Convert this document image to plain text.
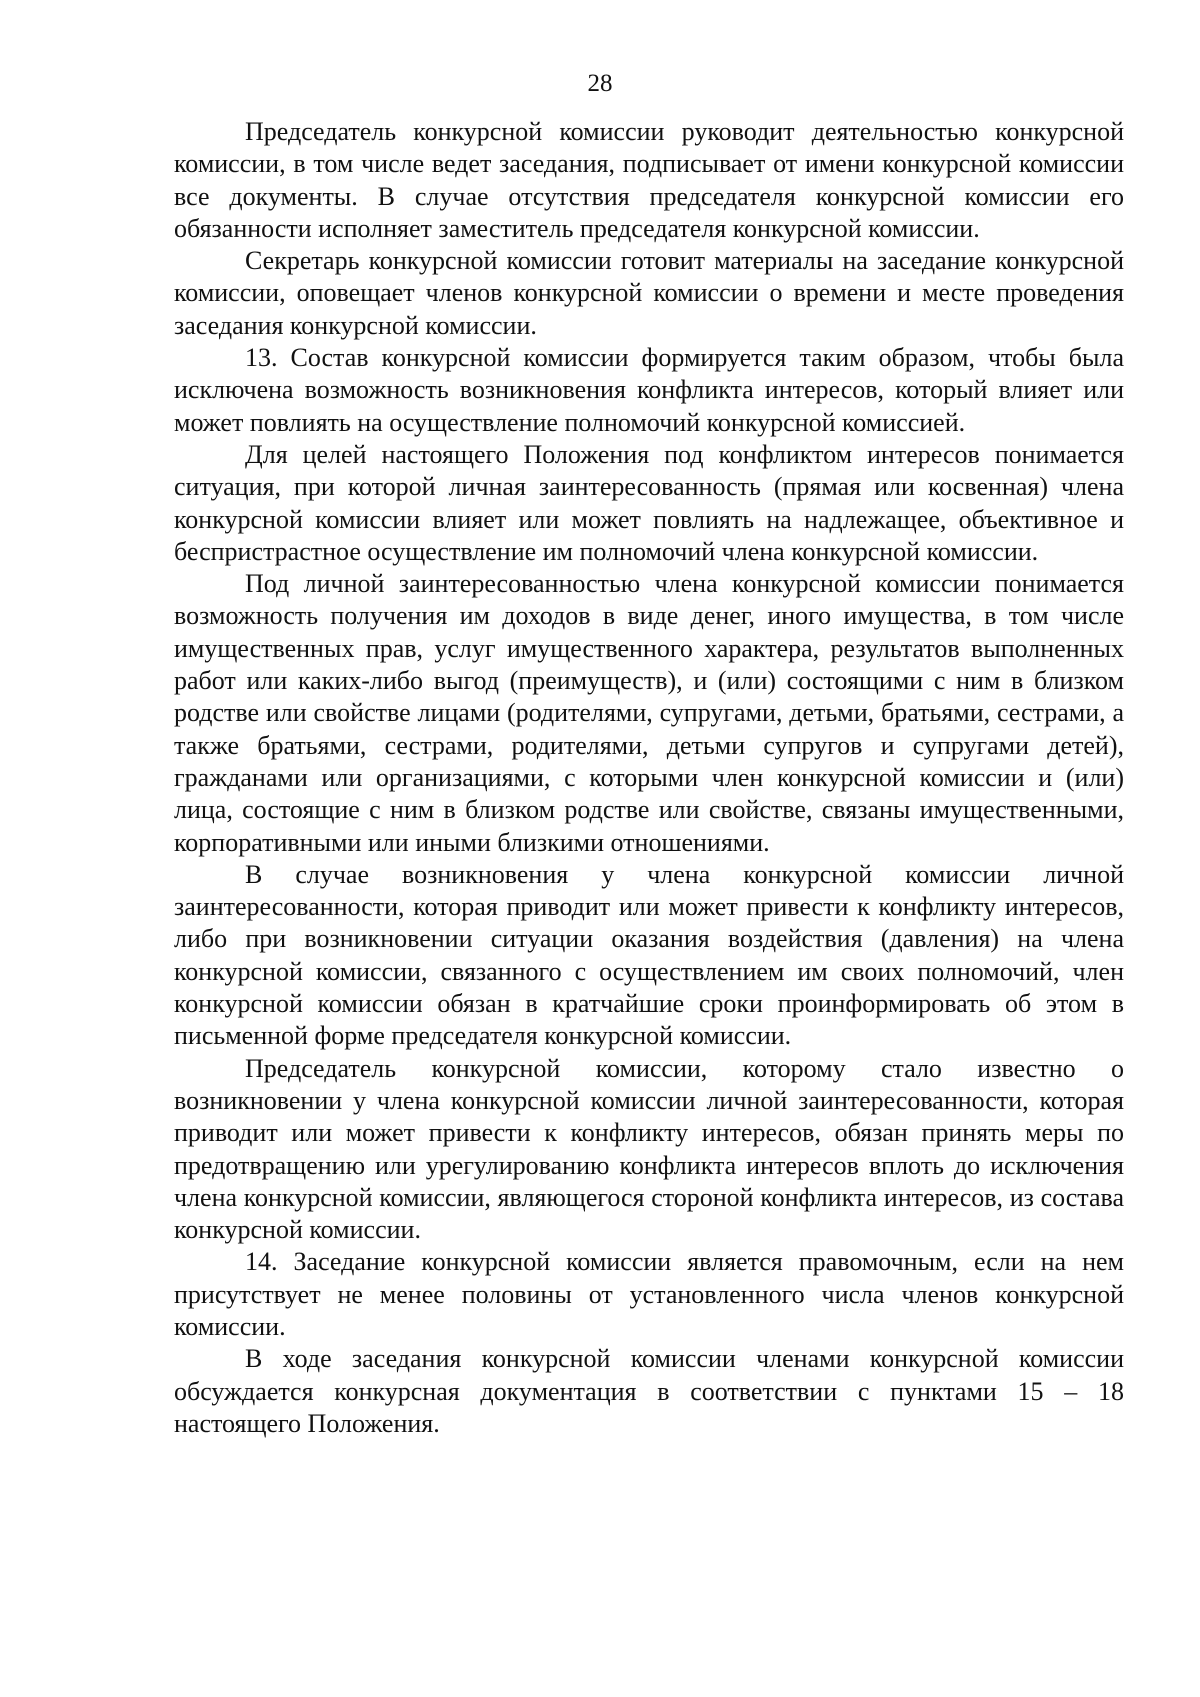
28

Председатель конкурсной комиссии руководит деятельностью конкурсной комиссии, в том числе ведет заседания, подписывает от имени конкурсной комиссии все документы. В случае отсутствия председателя конкурсной комиссии его обязанности исполняет заместитель председателя конкурсной комиссии.

Секретарь конкурсной комиссии готовит материалы на заседание конкурсной комиссии, оповещает членов конкурсной комиссии о времени и месте проведения заседания конкурсной комиссии.

13. Состав конкурсной комиссии формируется таким образом, чтобы была исключена возможность возникновения конфликта интересов, который влияет или может повлиять на осуществление полномочий конкурсной комиссией.

Для целей настоящего Положения под конфликтом интересов понимается ситуация, при которой личная заинтересованность (прямая или косвенная) члена конкурсной комиссии влияет или может повлиять на надлежащее, объективное и беспристрастное осуществление им полномочий члена конкурсной комиссии.

Под личной заинтересованностью члена конкурсной комиссии понимается возможность получения им доходов в виде денег, иного имущества, в том числе имущественных прав, услуг имущественного характера, результатов выполненных работ или каких-либо выгод (преимуществ), и (или) состоящими с ним в близком родстве или свойстве лицами (родителями, супругами, детьми, братьями, сестрами, а также братьями, сестрами, родителями, детьми супругов и супругами детей), гражданами или организациями, с которыми член конкурсной комиссии и (или) лица, состоящие с ним в близком родстве или свойстве, связаны имущественными, корпоративными или иными близкими отношениями.

В случае возникновения у члена конкурсной комиссии личной заинтересованности, которая приводит или может привести к конфликту интересов, либо при возникновении ситуации оказания воздействия (давления) на члена конкурсной комиссии, связанного с осуществлением им своих полномочий, член конкурсной комиссии обязан в кратчайшие сроки проинформировать об этом в письменной форме председателя конкурсной комиссии.

Председатель конкурсной комиссии, которому стало известно о возникновении у члена конкурсной комиссии личной заинтересованности, которая приводит или может привести к конфликту интересов, обязан принять меры по предотвращению или урегулированию конфликта интересов вплоть до исключения члена конкурсной комиссии, являющегося стороной конфликта интересов, из состава конкурсной комиссии.

14. Заседание конкурсной комиссии является правомочным, если на нем присутствует не менее половины от установленного числа членов конкурсной комиссии.

В ходе заседания конкурсной комиссии членами конкурсной комиссии обсуждается конкурсная документация в соответствии с пунктами 15 – 18 настоящего Положения.
